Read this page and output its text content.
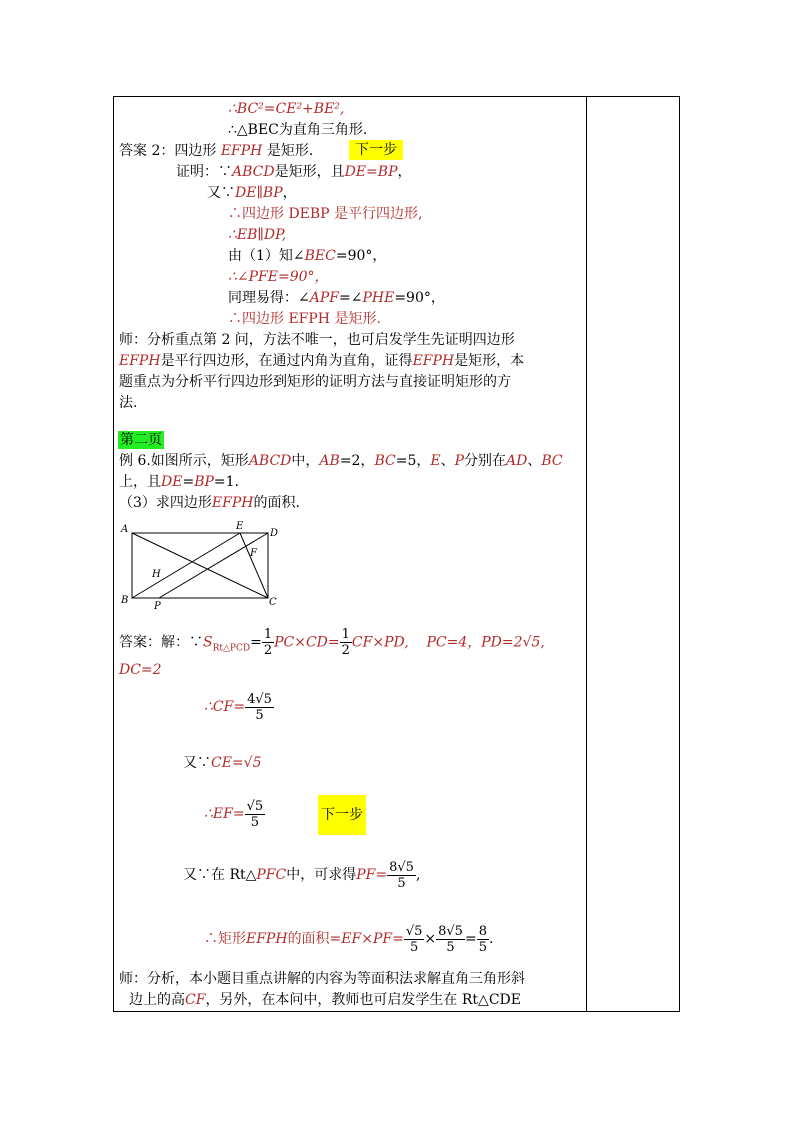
∴BC²=CE²+BE²,
∴△BEC为直角三角形.
答案 2：四边形 EFPH 是矩形.	下一步
证明：∵ABCD是矩形，且DE=BP，
又∵DE∥BP，
∴四边形 DEBP 是平行四边形,
∴EB∥DP,
由（1）知∠BEC=90°，
∴∠PFE=90°，
同理易得：∠APF=∠PHE=90°，
∴四边形 EFPH 是矩形.
师：分析重点第 2 问，方法不唯一，也可启发学生先证明四边形
EFPH是平行四边形，在通过内角为直角，证得EFPH是矩形，本
题重点为分析平行四边形到矩形的证明方法与直接证明矩形的方
法.
第二页
例 6.如图所示，矩形ABCD中，AB=2，BC=5，E、P分别在AD、BC
上，且DE=BP=1.
（3）求四边形EFPH的面积.
A	E
D
F
H
B
P	C
答案：解：$\because S_{Rt\triangle PCD}= \frac{1}{2} PC\times CD= \frac{1}{2} CF\times PD$, PC=4，PD=2√5,
DC=2
∴CF= $\frac{4√5}{5}$
又∵CE=√5
∴EF= $\frac{√5}{5}$	下一步
又∵在 Rt△PFC中，可求得$PF= \frac{8√5}{5}$ ,
∴矩形EFPH的面积$=EF\times PF= \frac{√5}{5} \times \frac{8√5}{5} = \frac{8}{5}$ .
师：分析，本小题目重点讲解的内容为等面积法求解直角三角形斜
边上的高CF，另外，在本问中，教师也可启发学生在 Rt△CDE
